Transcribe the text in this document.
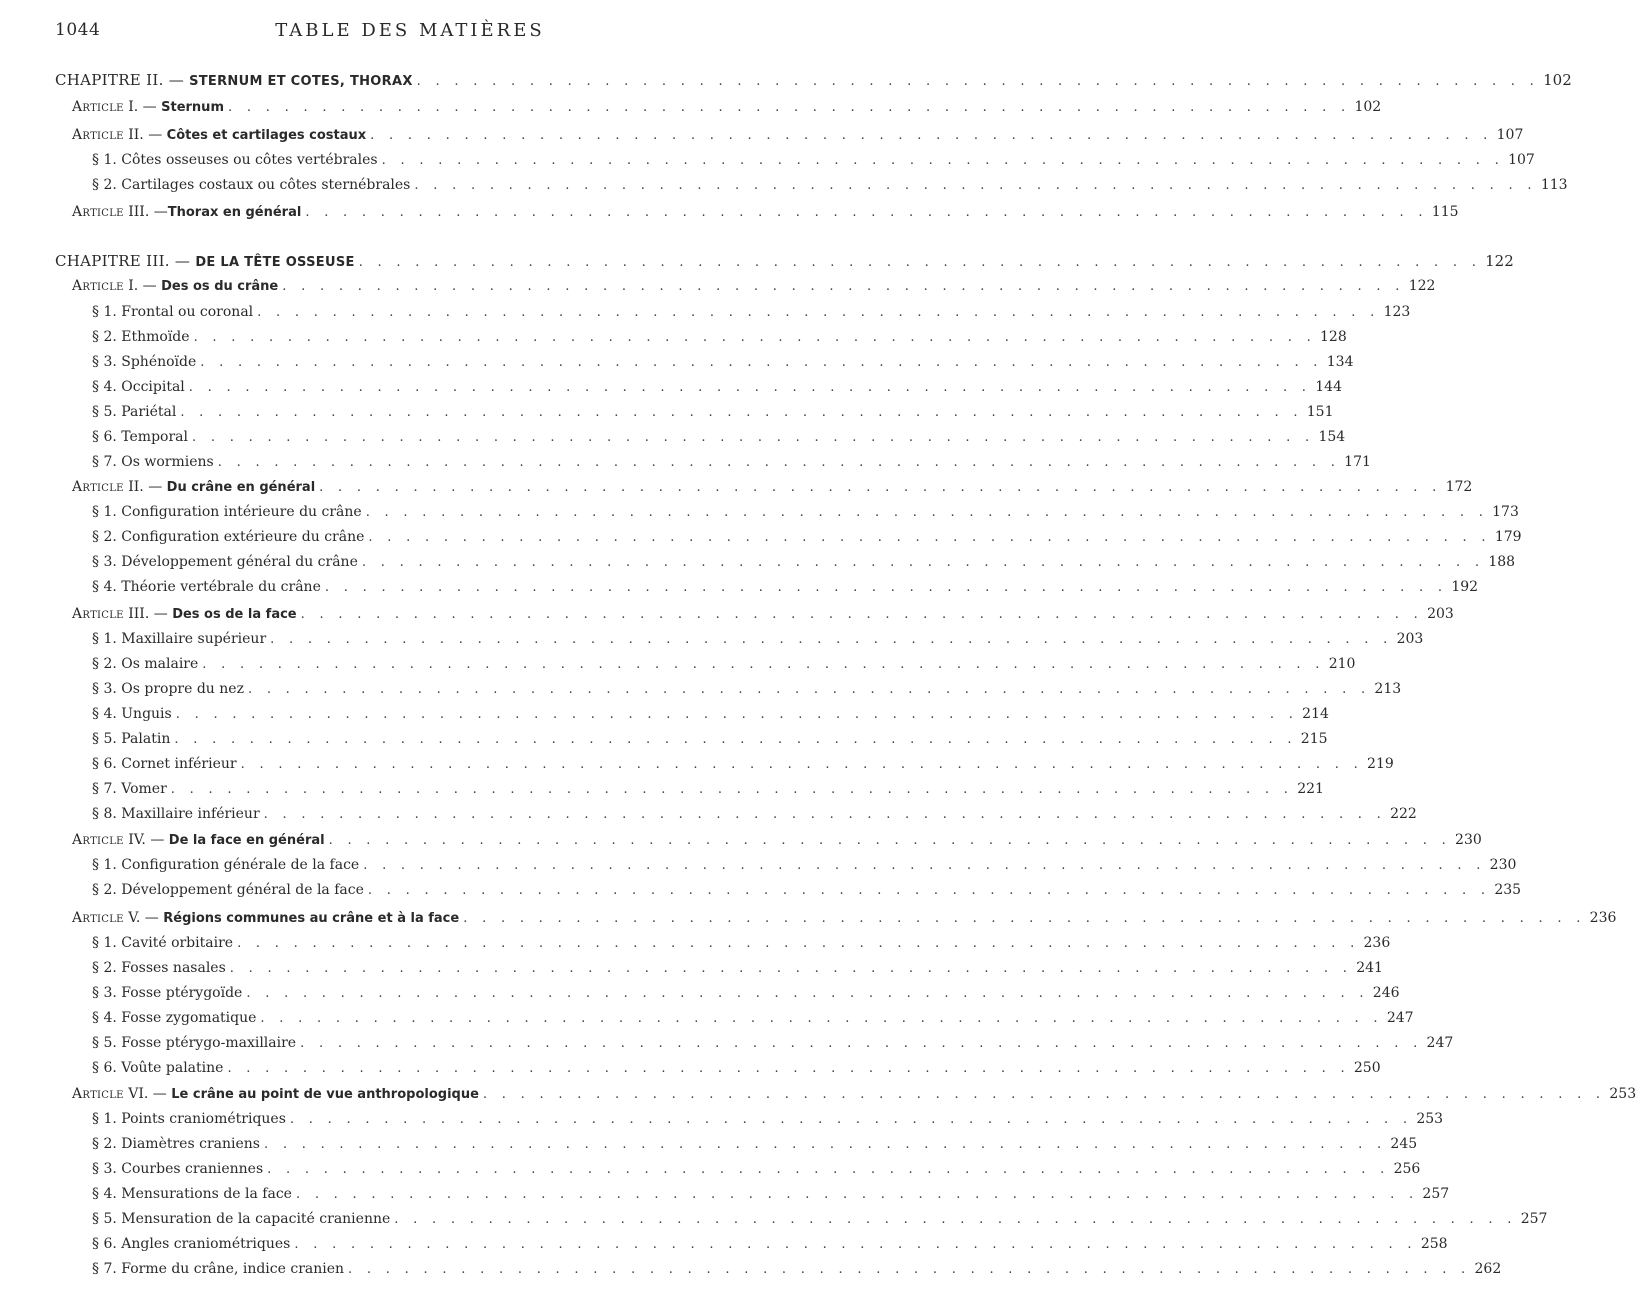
1044	TABLE DES MATIÈRES
CHAPITRE II. — STERNUM ET COTES, THORAX . . . . . . . . . . . . . . . . . . . . . . . . . . . . . . . . . . . . . . . . . . . . . . . . . . . . . . . . . . . . 102
Article I. — Sternum . . . . . . . . . . . . . . . . . . . . . . . . . . . . . . . . . . . . . . . . . . . . . . . . . . . . . . . . . . . . 102
Article II. — Côtes et cartilages costaux . . . . . . . . . . . . . . . . . . . . . . . . . . . . . . . . . . . . . . . . . . . . . . . . . . . . . . . . . . . . 107
§ 1. Côtes osseuses ou côtes vertébrales . . . . . . . . . . . . . . . . . . . . . . . . . . . . . . . . . . . . . . . . . . . . . . . . . . . . . . . . . . . . 107
§ 2. Cartilages costaux ou côtes sternébrales . . . . . . . . . . . . . . . . . . . . . . . . . . . . . . . . . . . . . . . . . . . . . . . . . . . . . . . . . . . . 113
Article III. —Thorax en général . . . . . . . . . . . . . . . . . . . . . . . . . . . . . . . . . . . . . . . . . . . . . . . . . . . . . . . . . . . . 115
CHAPITRE III. — DE LA TÊTE OSSEUSE . . . . . . . . . . . . . . . . . . . . . . . . . . . . . . . . . . . . . . . . . . . . . . . . . . . . . . . . . . . . 122
Article I. — Des os du crâne . . . . . . . . . . . . . . . . . . . . . . . . . . . . . . . . . . . . . . . . . . . . . . . . . . . . . . . . . . . . 122
§ 1. Frontal ou coronal . . . . . . . . . . . . . . . . . . . . . . . . . . . . . . . . . . . . . . . . . . . . . . . . . . . . . . . . . . . . 123
§ 2. Ethmoïde . . . . . . . . . . . . . . . . . . . . . . . . . . . . . . . . . . . . . . . . . . . . . . . . . . . . . . . . . . . . 128
§ 3. Sphénoïde . . . . . . . . . . . . . . . . . . . . . . . . . . . . . . . . . . . . . . . . . . . . . . . . . . . . . . . . . . . . 134
§ 4. Occipital . . . . . . . . . . . . . . . . . . . . . . . . . . . . . . . . . . . . . . . . . . . . . . . . . . . . . . . . . . . . 144
§ 5. Pariétal . . . . . . . . . . . . . . . . . . . . . . . . . . . . . . . . . . . . . . . . . . . . . . . . . . . . . . . . . . . . 151
§ 6. Temporal . . . . . . . . . . . . . . . . . . . . . . . . . . . . . . . . . . . . . . . . . . . . . . . . . . . . . . . . . . . . 154
§ 7. Os wormiens . . . . . . . . . . . . . . . . . . . . . . . . . . . . . . . . . . . . . . . . . . . . . . . . . . . . . . . . . . . . 171
Article II. — Du crâne en général . . . . . . . . . . . . . . . . . . . . . . . . . . . . . . . . . . . . . . . . . . . . . . . . . . . . . . . . . . . . 172
§ 1. Configuration intérieure du crâne . . . . . . . . . . . . . . . . . . . . . . . . . . . . . . . . . . . . . . . . . . . . . . . . . . . . . . . . . . . . 173
§ 2. Configuration extérieure du crâne . . . . . . . . . . . . . . . . . . . . . . . . . . . . . . . . . . . . . . . . . . . . . . . . . . . . . . . . . . . . 179
§ 3. Développement général du crâne . . . . . . . . . . . . . . . . . . . . . . . . . . . . . . . . . . . . . . . . . . . . . . . . . . . . . . . . . . . . 188
§ 4. Théorie vertébrale du crâne . . . . . . . . . . . . . . . . . . . . . . . . . . . . . . . . . . . . . . . . . . . . . . . . . . . . . . . . . . . . 192
Article III. — Des os de la face . . . . . . . . . . . . . . . . . . . . . . . . . . . . . . . . . . . . . . . . . . . . . . . . . . . . . . . . . . . . 203
§ 1. Maxillaire supérieur . . . . . . . . . . . . . . . . . . . . . . . . . . . . . . . . . . . . . . . . . . . . . . . . . . . . . . . . . . . . 203
§ 2. Os malaire . . . . . . . . . . . . . . . . . . . . . . . . . . . . . . . . . . . . . . . . . . . . . . . . . . . . . . . . . . . . 210
§ 3. Os propre du nez . . . . . . . . . . . . . . . . . . . . . . . . . . . . . . . . . . . . . . . . . . . . . . . . . . . . . . . . . . . . 213
§ 4. Unguis . . . . . . . . . . . . . . . . . . . . . . . . . . . . . . . . . . . . . . . . . . . . . . . . . . . . . . . . . . . . 214
§ 5. Palatin . . . . . . . . . . . . . . . . . . . . . . . . . . . . . . . . . . . . . . . . . . . . . . . . . . . . . . . . . . . . 215
§ 6. Cornet inférieur . . . . . . . . . . . . . . . . . . . . . . . . . . . . . . . . . . . . . . . . . . . . . . . . . . . . . . . . . . . . 219
§ 7. Vomer . . . . . . . . . . . . . . . . . . . . . . . . . . . . . . . . . . . . . . . . . . . . . . . . . . . . . . . . . . . . 221
§ 8. Maxillaire inférieur . . . . . . . . . . . . . . . . . . . . . . . . . . . . . . . . . . . . . . . . . . . . . . . . . . . . . . . . . . . . 222
Article IV. — De la face en général . . . . . . . . . . . . . . . . . . . . . . . . . . . . . . . . . . . . . . . . . . . . . . . . . . . . . . . . . . . . 230
§ 1. Configuration générale de la face . . . . . . . . . . . . . . . . . . . . . . . . . . . . . . . . . . . . . . . . . . . . . . . . . . . . . . . . . . . . 230
§ 2. Développement général de la face . . . . . . . . . . . . . . . . . . . . . . . . . . . . . . . . . . . . . . . . . . . . . . . . . . . . . . . . . . . . 235
Article V. — Régions communes au crâne et à la face . . . . . . . . . . . . . . . . . . . . . . . . . . . . . . . . . . . . . . . . . . . . . . . . . . . . . . . . . . . . 236
§ 1. Cavité orbitaire . . . . . . . . . . . . . . . . . . . . . . . . . . . . . . . . . . . . . . . . . . . . . . . . . . . . . . . . . . . . 236
§ 2. Fosses nasales . . . . . . . . . . . . . . . . . . . . . . . . . . . . . . . . . . . . . . . . . . . . . . . . . . . . . . . . . . . . 241
§ 3. Fosse ptérygoïde . . . . . . . . . . . . . . . . . . . . . . . . . . . . . . . . . . . . . . . . . . . . . . . . . . . . . . . . . . . . 246
§ 4. Fosse zygomatique . . . . . . . . . . . . . . . . . . . . . . . . . . . . . . . . . . . . . . . . . . . . . . . . . . . . . . . . . . . . 247
§ 5. Fosse ptérygo-maxillaire . . . . . . . . . . . . . . . . . . . . . . . . . . . . . . . . . . . . . . . . . . . . . . . . . . . . . . . . . . . . 247
§ 6. Voûte palatine . . . . . . . . . . . . . . . . . . . . . . . . . . . . . . . . . . . . . . . . . . . . . . . . . . . . . . . . . . . . 250
Article VI. — Le crâne au point de vue anthropologique . . . . . . . . . . . . . . . . . . . . . . . . . . . . . . . . . . . . . . . . . . . . . . . . . . . . . . . . . . . . 253
§ 1. Points craniométriques . . . . . . . . . . . . . . . . . . . . . . . . . . . . . . . . . . . . . . . . . . . . . . . . . . . . . . . . . . . . 253
§ 2. Diamètres craniens . . . . . . . . . . . . . . . . . . . . . . . . . . . . . . . . . . . . . . . . . . . . . . . . . . . . . . . . . . . . 245
§ 3. Courbes craniennes . . . . . . . . . . . . . . . . . . . . . . . . . . . . . . . . . . . . . . . . . . . . . . . . . . . . . . . . . . . . 256
§ 4. Mensurations de la face . . . . . . . . . . . . . . . . . . . . . . . . . . . . . . . . . . . . . . . . . . . . . . . . . . . . . . . . . . . . 257
§ 5. Mensuration de la capacité cranienne . . . . . . . . . . . . . . . . . . . . . . . . . . . . . . . . . . . . . . . . . . . . . . . . . . . . . . . . . . . . 257
§ 6. Angles craniométriques . . . . . . . . . . . . . . . . . . . . . . . . . . . . . . . . . . . . . . . . . . . . . . . . . . . . . . . . . . . . 258
§ 7. Forme du crâne, indice cranien . . . . . . . . . . . . . . . . . . . . . . . . . . . . . . . . . . . . . . . . . . . . . . . . . . . . . . . . . . . . 262
